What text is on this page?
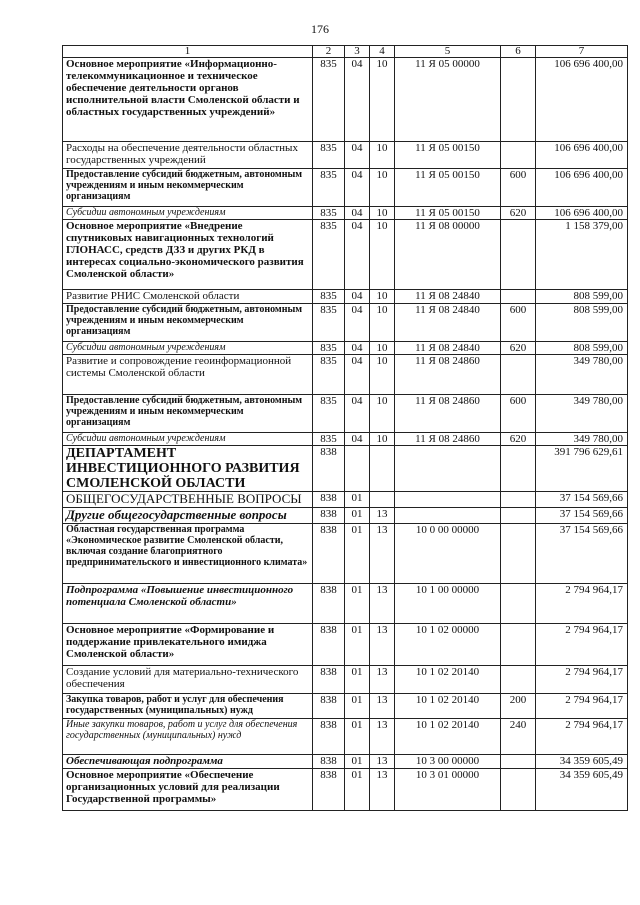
176
1	2	3	4	5	6	7
Основное мероприятие «Информационно-телекоммуникационное и техническое обеспечение деятельности органов исполнительной власти Смоленской области и областных государственных учреждений»	835	04	10	11 Я 05 00000		106 696 400,00
Расходы на обеспечение деятельности областных государственных учреждений	835	04	10	11 Я 05 00150		106 696 400,00
Предоставление субсидий бюджетным, автономным учреждениям и иным некоммерческим организациям	835	04	10	11 Я 05 00150	600	106 696 400,00
Субсидии автономным учреждениям	835	04	10	11 Я 05 00150	620	106 696 400,00
Основное мероприятие «Внедрение спутниковых навигационных технологий ГЛОНАСС, средств ДЗЗ и других РКД в интересах социально-экономического развития Смоленской области»	835	04	10	11 Я 08 00000		1 158 379,00
Развитие РНИС Смоленской области	835	04	10	11 Я 08 24840		808 599,00
Предоставление субсидий бюджетным, автономным учреждениям и иным некоммерческим организациям	835	04	10	11 Я 08 24840	600	808 599,00
Субсидии автономным учреждениям	835	04	10	11 Я 08 24840	620	808 599,00
Развитие и сопровождение геоинформационной системы Смоленской области	835	04	10	11 Я 08 24860		349 780,00
Предоставление субсидий бюджетным, автономным учреждениям и иным некоммерческим организациям	835	04	10	11 Я 08 24860	600	349 780,00
Субсидии автономным учреждениям	835	04	10	11 Я 08 24860	620	349 780,00
ДЕПАРТАМЕНТ ИНВЕСТИЦИОННОГО РАЗВИТИЯ СМОЛЕНСКОЙ ОБЛАСТИ	838					391 796 629,61
ОБЩЕГОСУДАРСТВЕННЫЕ ВОПРОСЫ	838	01				37 154 569,66
Другие общегосударственные вопросы	838	01	13			37 154 569,66
Областная государственная программа «Экономическое развитие Смоленской области, включая создание благоприятного предпринимательского и инвестиционного климата»	838	01	13	10 0 00 00000		37 154 569,66
Подпрограмма «Повышение инвестиционного потенциала Смоленской области»	838	01	13	10 1 00 00000		2 794 964,17
Основное мероприятие «Формирование и поддержание привлекательного имиджа Смоленской области»	838	01	13	10 1 02 00000		2 794 964,17
Создание условий для материально-технического обеспечения	838	01	13	10 1 02 20140		2 794 964,17
Закупка товаров, работ и услуг для обеспечения государственных (муниципальных) нужд	838	01	13	10 1 02 20140	200	2 794 964,17
Иные закупки товаров, работ и услуг для обеспечения государственных (муниципальных) нужд	838	01	13	10 1 02 20140	240	2 794 964,17
Обеспечивающая подпрограмма	838	01	13	10 3 00 00000		34 359 605,49
Основное мероприятие «Обеспечение организационных условий для реализации Государственной программы»	838	01	13	10 3 01 00000		34 359 605,49
